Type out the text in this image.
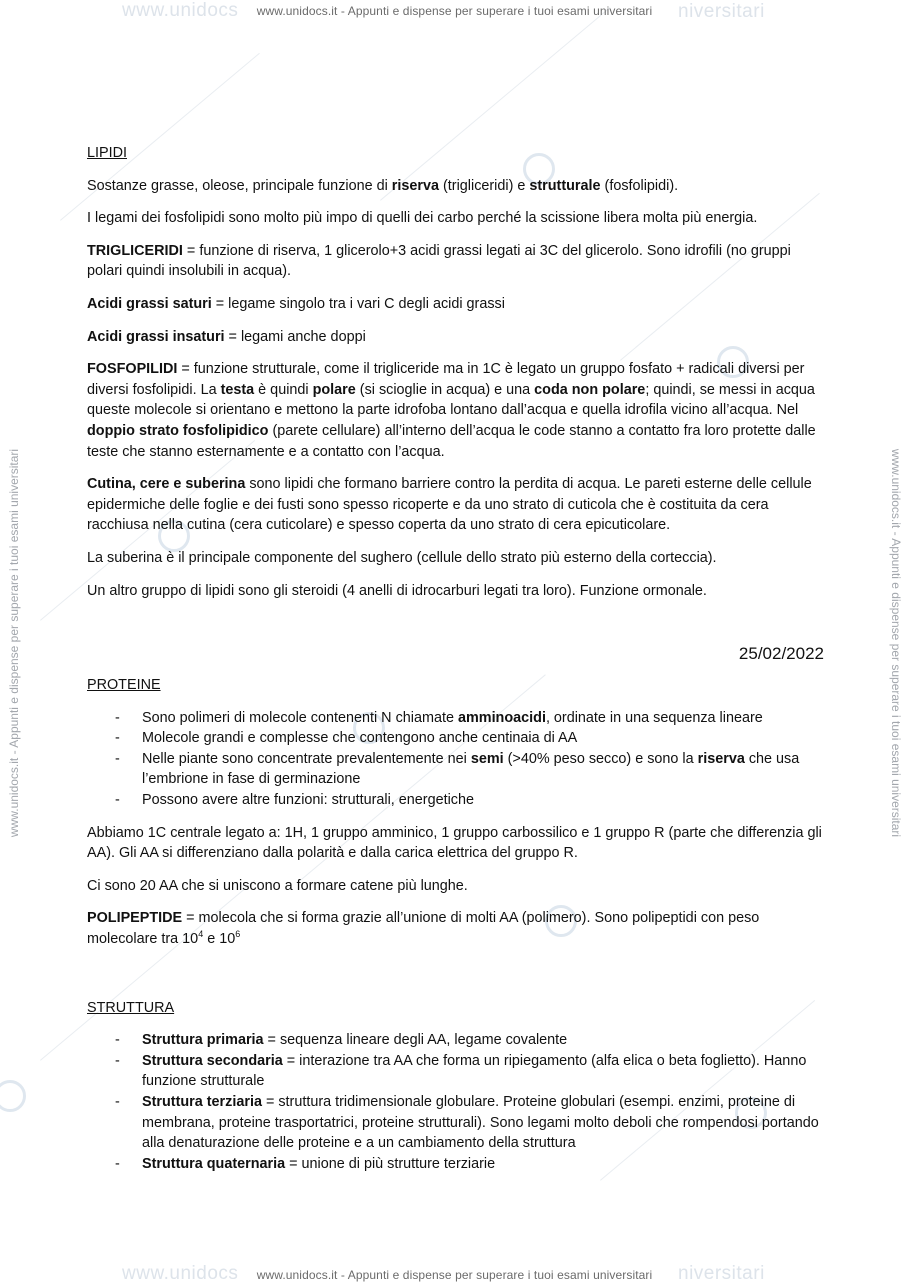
www.unidocs	niversitari
www.unidocs	niversitari
www.unidocs.it - Appunti e dispense per superare i tuoi esami universitari
www.unidocs.it - Appunti e dispense per superare i tuoi esami universitari
www.unidocs.it - Appunti e dispense per superare i tuoi esami universitari	www.unidocs.it - Appunti e dispense per superare i tuoi esami universitari

LIPIDI

Sostanze grasse, oleose, principale funzione di riserva (trigliceridi) e strutturale (fosfolipidi).

I legami dei fosfolipidi sono molto più impo di quelli dei carbo perché la scissione libera molta più energia.

TRIGLICERIDI = funzione di riserva, 1 glicerolo+3 acidi grassi legati ai 3C del glicerolo. Sono idrofili (no gruppi polari quindi insolubili in acqua).

Acidi grassi saturi = legame singolo tra i vari C degli acidi grassi

Acidi grassi insaturi = legami anche doppi

FOSFOPILIDI = funzione strutturale, come il trigliceride ma in 1C è legato un gruppo fosfato + radicali diversi per diversi fosfolipidi. La testa è quindi polare (si scioglie in acqua) e una coda non polare; quindi, se messi in acqua queste molecole si orientano e mettono la parte idrofoba lontano dall’acqua e quella idrofila vicino all’acqua. Nel doppio strato fosfolipidico (parete cellulare) all’interno dell’acqua le code stanno a contatto fra loro protette dalle teste che stanno esternamente e a contatto con l’acqua.

Cutina, cere e suberina sono lipidi che formano barriere contro la perdita di acqua. Le pareti esterne delle cellule epidermiche delle foglie e dei fusti sono spesso ricoperte e da uno strato di cuticola che è costituita da cera racchiusa nella cutina (cera cuticolare) e spesso coperta da uno strato di cera epicuticolare.

La suberina è il principale componente del sughero (cellule dello strato più esterno della corteccia).

Un altro gruppo di lipidi sono gli steroidi (4 anelli di idrocarburi legati tra loro). Funzione ormonale.

25/02/2022

PROTEINE

- Sono polimeri di molecole contenenti N chiamate amminoacidi, ordinate in una sequenza lineare
- Molecole grandi e complesse che contengono anche centinaia di AA
- Nelle piante sono concentrate prevalentemente nei semi (>40% peso secco) e sono la riserva che usa l’embrione in fase di germinazione
- Possono avere altre funzioni: strutturali, energetiche

Abbiamo 1C centrale legato a: 1H, 1 gruppo amminico, 1 gruppo carbossilico e 1 gruppo R (parte che differenzia gli AA). Gli AA si differenziano dalla polarità e dalla carica elettrica del gruppo R.

Ci sono 20 AA che si uniscono a formare catene più lunghe.

POLIPEPTIDE = molecola che si forma grazie all’unione di molti AA (polimero). Sono polipeptidi con peso molecolare tra $10^4$ e $10^6$

STRUTTURA

- Struttura primaria = sequenza lineare degli AA, legame covalente
- Struttura secondaria = interazione tra AA che forma un ripiegamento (alfa elica o beta foglietto). Hanno funzione strutturale
- Struttura terziaria = struttura tridimensionale globulare. Proteine globulari (esempi. enzimi, proteine di membrana, proteine trasportatrici, proteine strutturali). Sono legami molto deboli che rompendosi portando alla denaturazione delle proteine e a un cambiamento della struttura
- Struttura quaternaria = unione di più strutture terziarie
